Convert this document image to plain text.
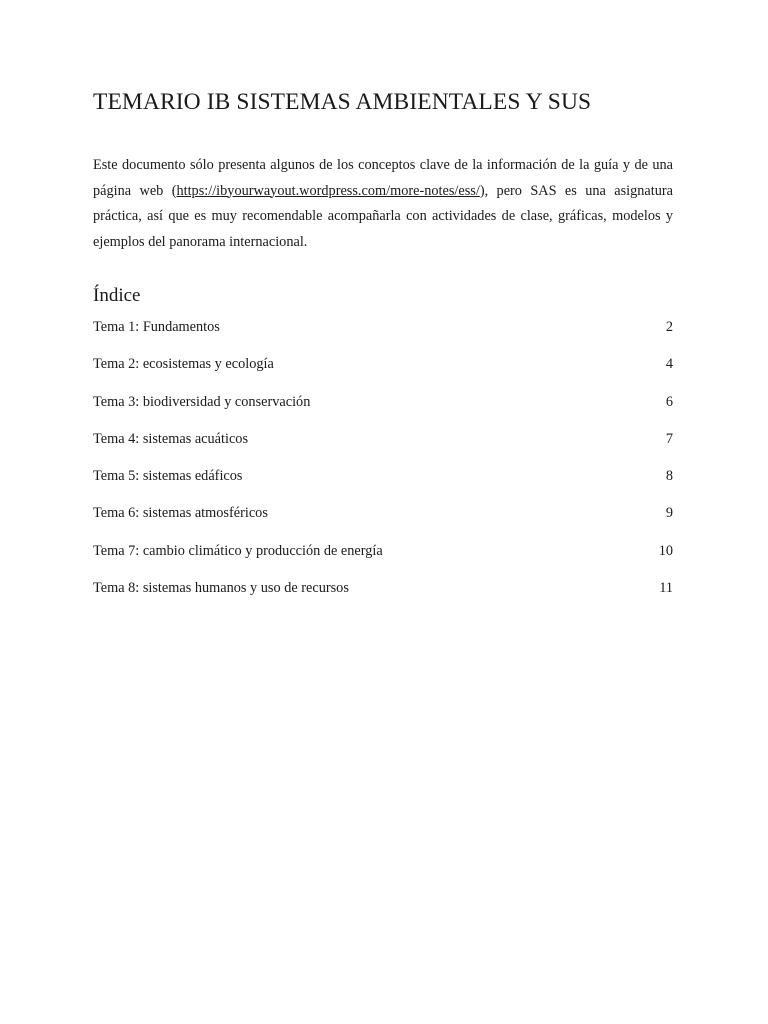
TEMARIO IB SISTEMAS AMBIENTALES Y SUS

Este documento sólo presenta algunos de los conceptos clave de la información de la guía y de una página web (https://ibyourwayout.wordpress.com/more-notes/ess/), pero SAS es una asignatura práctica, así que es muy recomendable acompañarla con actividades de clase, gráficas, modelos y ejemplos del panorama internacional.

Índice
Tema 1: Fundamentos	2
Tema 2: ecosistemas y ecología	4
Tema 3: biodiversidad y conservación	6
Tema 4: sistemas acuáticos	7
Tema 5: sistemas edáficos	8
Tema 6: sistemas atmosféricos	9
Tema 7: cambio climático y producción de energía	10
Tema 8: sistemas humanos y uso de recursos	11
